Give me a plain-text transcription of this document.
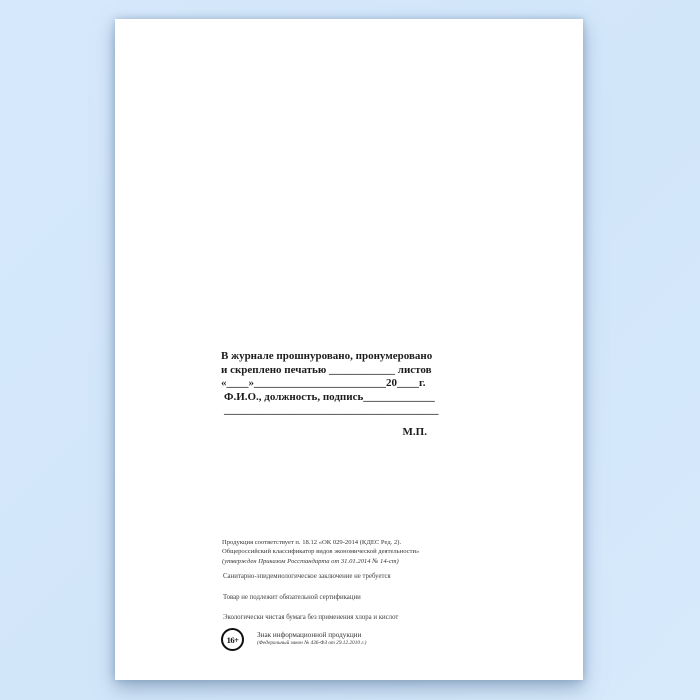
В журнале прошнуровано, пронумеровано
и скреплено печатью ____________ листов
«____»________________________20____г.
Ф.И.О., должность, подпись_____________
_______________________________________
М.П.
Продукция соответствует п. 18.12 «ОК 029-2014 (КДЕС Ред. 2).
Общероссийский классификатор видов экономической деятельности»
(утвержден Приказом Росстандарта от 31.01.2014 № 14-ст)
Санитарно-эпидемиологическое заключение не требуется
Товар не подлежит обязательной сертификации
Экологически чистая бумага без применения хлора и кислот
16+	Знак информационной продукции
(Федеральный закон № 436-ФЗ от 29.12.2010 г.)
